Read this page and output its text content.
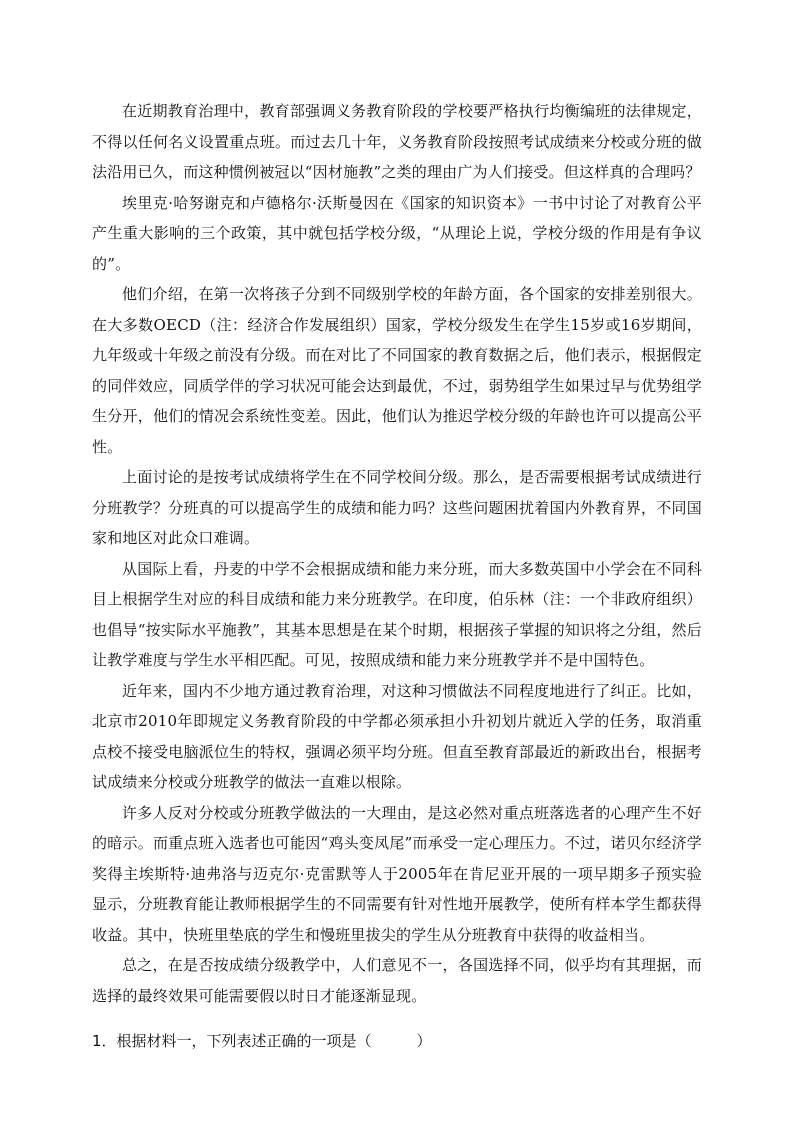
在近期教育治理中，教育部强调义务教育阶段的学校要严格执行均衡编班的法律规定，不得以任何名义设置重点班。而过去几十年，义务教育阶段按照考试成绩来分校或分班的做法沿用已久，而这种惯例被冠以“因材施教”之类的理由广为人们接受。但这样真的合理吗？

埃里克·哈努谢克和卢德格尔·沃斯曼因在《国家的知识资本》一书中讨论了对教育公平产生重大影响的三个政策，其中就包括学校分级，“从理论上说，学校分级的作用是有争议的”。

他们介绍，在第一次将孩子分到不同级别学校的年龄方面，各个国家的安排差别很大。在大多数OECD（注：经济合作发展组织）国家，学校分级发生在学生15岁或16岁期间，九年级或十年级之前没有分级。而在对比了不同国家的教育数据之后，他们表示，根据假定的同伴效应，同质学伴的学习状况可能会达到最优，不过，弱势组学生如果过早与优势组学生分开，他们的情况会系统性变差。因此，他们认为推迟学校分级的年龄也许可以提高公平性。

上面讨论的是按考试成绩将学生在不同学校间分级。那么，是否需要根据考试成绩进行分班教学？分班真的可以提高学生的成绩和能力吗？这些问题困扰着国内外教育界，不同国家和地区对此众口难调。

从国际上看，丹麦的中学不会根据成绩和能力来分班，而大多数英国中小学会在不同科目上根据学生对应的科目成绩和能力来分班教学。在印度，伯乐林（注：一个非政府组织）也倡导“按实际水平施教”，其基本思想是在某个时期，根据孩子掌握的知识将之分组，然后让教学难度与学生水平相匹配。可见，按照成绩和能力来分班教学并不是中国特色。

近年来，国内不少地方通过教育治理，对这种习惯做法不同程度地进行了纠正。比如，北京市2010年即规定义务教育阶段的中学都必须承担小升初划片就近入学的任务，取消重点校不接受电脑派位生的特权，强调必须平均分班。但直至教育部最近的新政出台，根据考试成绩来分校或分班教学的做法一直难以根除。

许多人反对分校或分班教学做法的一大理由，是这必然对重点班落选者的心理产生不好的暗示。而重点班入选者也可能因“鸡头变凤尾”而承受一定心理压力。不过，诺贝尔经济学奖得主埃斯特·迪弗洛与迈克尔·克雷默等人于2005年在肯尼亚开展的一项早期多子预实验显示，分班教育能让教师根据学生的不同需要有针对性地开展教学，使所有样本学生都获得收益。其中，快班里垫底的学生和慢班里拔尖的学生从分班教育中获得的收益相当。

总之，在是否按成绩分级教学中，人们意见不一，各国选择不同，似乎均有其理据，而选择的最终效果可能需要假以时日才能逐渐显现。

1．根据材料一，下列表述正确的一项是（　　　）
